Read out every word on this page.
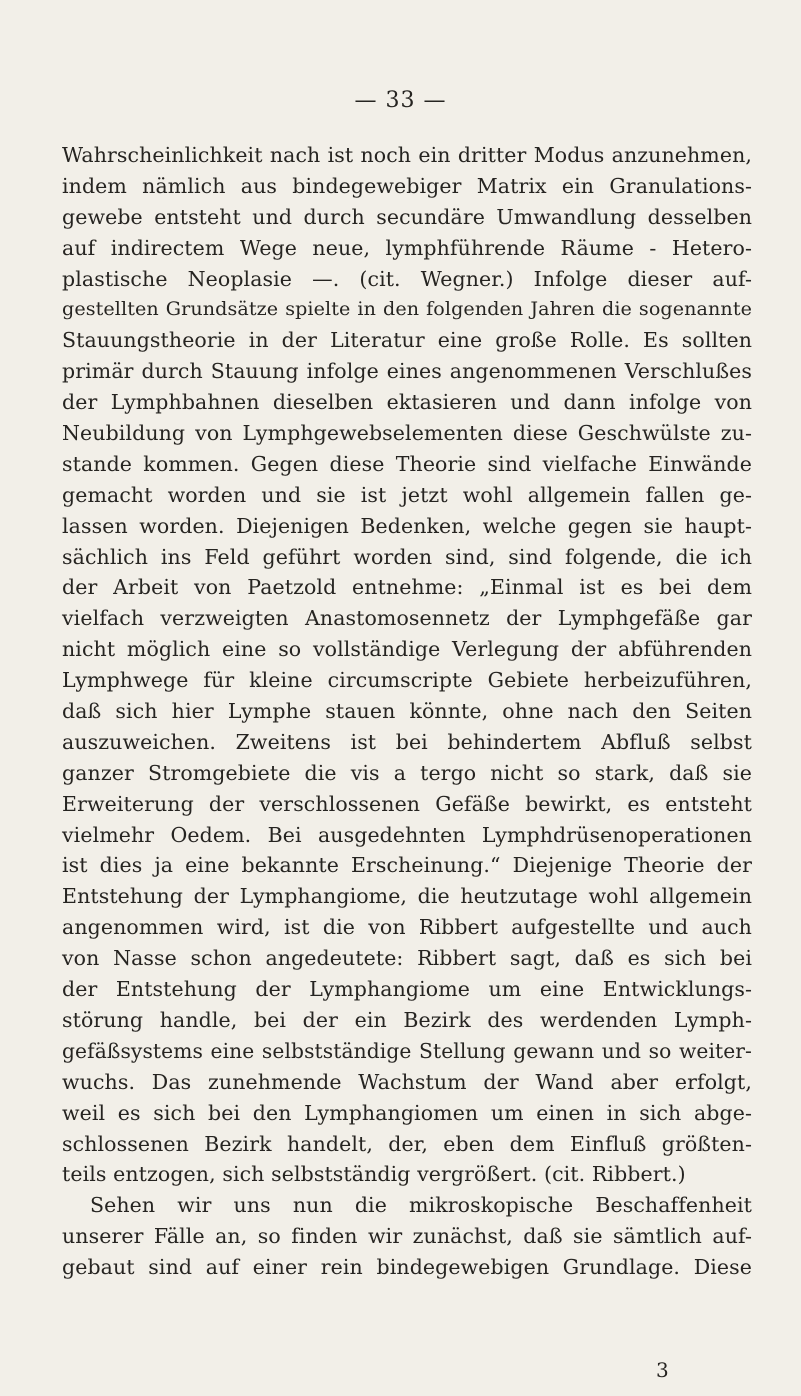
— 33 —
Wahrscheinlichkeit nach ist noch ein dritter Modus anzunehmen,
indem nämlich aus bindegewebiger Matrix ein Granulations-
gewebe entsteht und durch secundäre Umwandlung desselben
auf indirectem Wege neue, lymphführende Räume - Hetero-
plastische Neoplasie —. (cit. Wegner.) Infolge dieser auf-
gestellten Grundsätze spielte in den folgenden Jahren die sogenannte
Stauungstheorie in der Literatur eine große Rolle. Es sollten
primär durch Stauung infolge eines angenommenen Verschlußes
der Lymphbahnen dieselben ektasieren und dann infolge von
Neubildung von Lymphgewebselementen diese Geschwülste zu-
stande kommen. Gegen diese Theorie sind vielfache Einwände
gemacht worden und sie ist jetzt wohl allgemein fallen ge-
lassen worden. Diejenigen Bedenken, welche gegen sie haupt-
sächlich ins Feld geführt worden sind, sind folgende, die ich
der Arbeit von Paetzold entnehme: „Einmal ist es bei dem
vielfach verzweigten Anastomosennetz der Lymphgefäße gar
nicht möglich eine so vollständige Verlegung der abführenden
Lymphwege für kleine circumscripte Gebiete herbeizuführen,
daß sich hier Lymphe stauen könnte, ohne nach den Seiten
auszuweichen. Zweitens ist bei behindertem Abfluß selbst
ganzer Stromgebiete die vis a tergo nicht so stark, daß sie
Erweiterung der verschlossenen Gefäße bewirkt, es entsteht
vielmehr Oedem. Bei ausgedehnten Lymphdrüsenoperationen
ist dies ja eine bekannte Erscheinung.“ Diejenige Theorie der
Entstehung der Lymphangiome, die heutzutage wohl allgemein
angenommen wird, ist die von Ribbert aufgestellte und auch
von Nasse schon angedeutete: Ribbert sagt, daß es sich bei
der Entstehung der Lymphangiome um eine Entwicklungs-
störung handle, bei der ein Bezirk des werdenden Lymph-
gefäßsystems eine selbstständige Stellung gewann und so weiter-
wuchs. Das zunehmende Wachstum der Wand aber erfolgt,
weil es sich bei den Lymphangiomen um einen in sich abge-
schlossenen Bezirk handelt, der, eben dem Einfluß größten-
teils entzogen, sich selbstständig vergrößert. (cit. Ribbert.)
Sehen wir uns nun die mikroskopische Beschaffenheit
unserer Fälle an, so finden wir zunächst, daß sie sämtlich auf-
gebaut sind auf einer rein bindegewebigen Grundlage. Diese
3
